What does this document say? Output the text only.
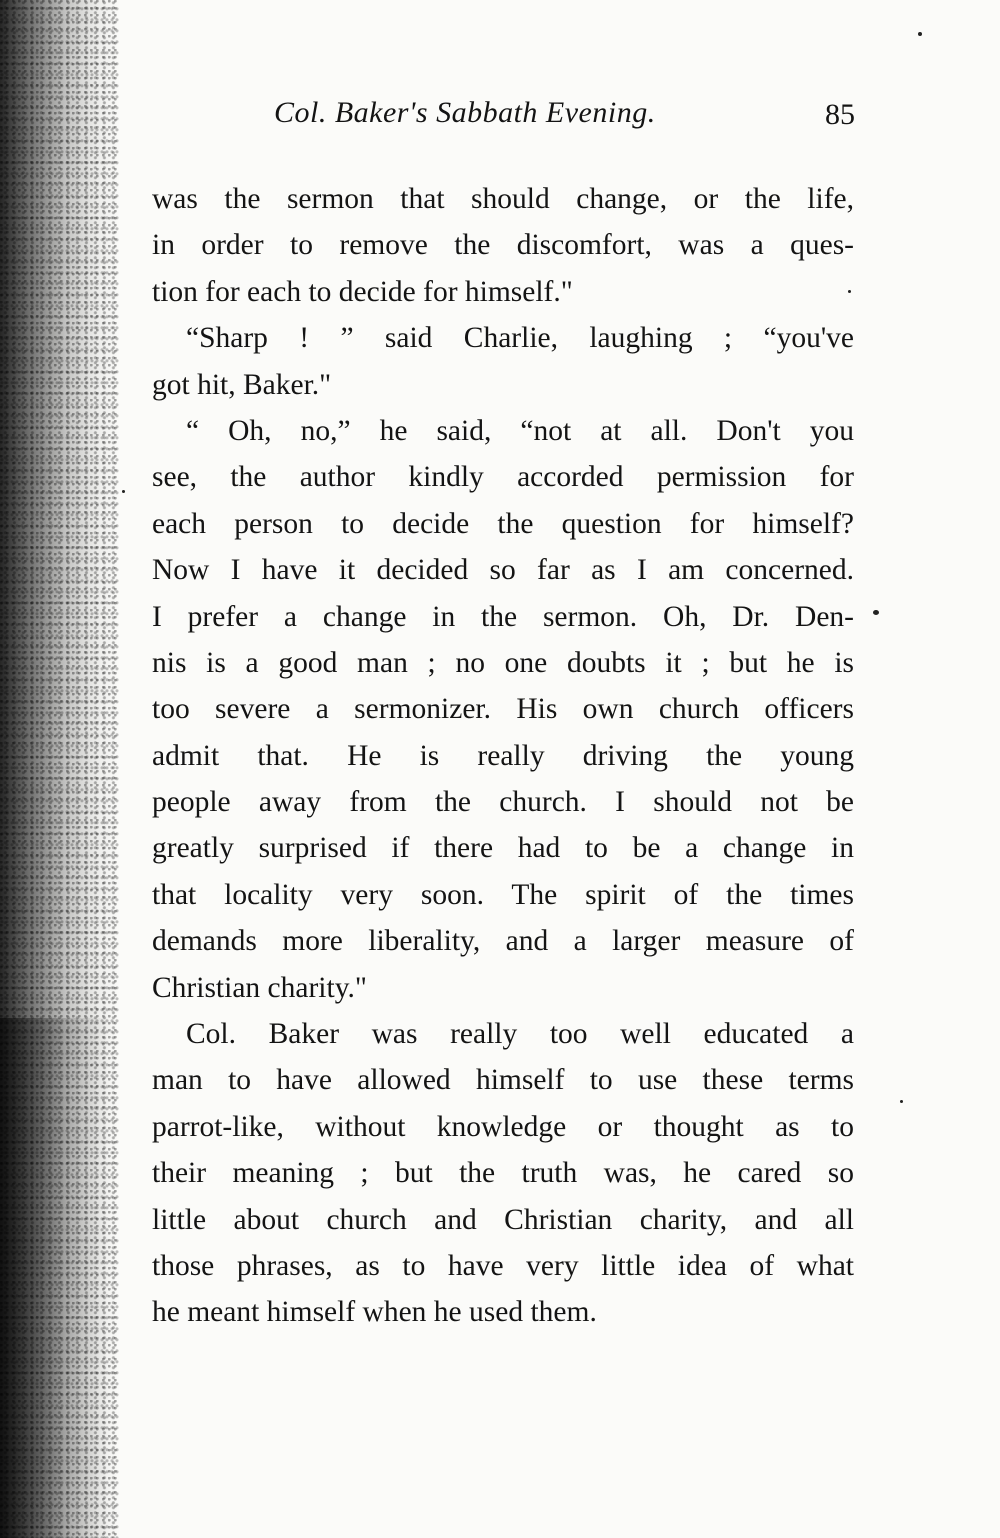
Col. Baker's Sabbath Evening.	85
was the sermon that should change, or the life,
in order to remove the discomfort, was a ques-
tion for each to decide for himself."
“Sharp ! ” said Charlie, laughing ; “you've
got hit, Baker."
“ Oh, no,” he said, “not at all. Don't you
see, the author kindly accorded permission for
each person to decide the question for himself?
Now I have it decided so far as I am concerned.
I prefer a change in the sermon. Oh, Dr. Den-
nis is a good man ; no one doubts it ; but he is
too severe a sermonizer. His own church officers
admit that. He is really driving the young
people away from the church. I should not be
greatly surprised if there had to be a change in
that locality very soon. The spirit of the times
demands more liberality, and a larger measure of
Christian charity."
Col. Baker was really too well educated a
man to have allowed himself to use these terms
parrot-like, without knowledge or thought as to
their meaning ; but the truth was, he cared so
little about church and Christian charity, and all
those phrases, as to have very little idea of what
he meant himself when he used them.
